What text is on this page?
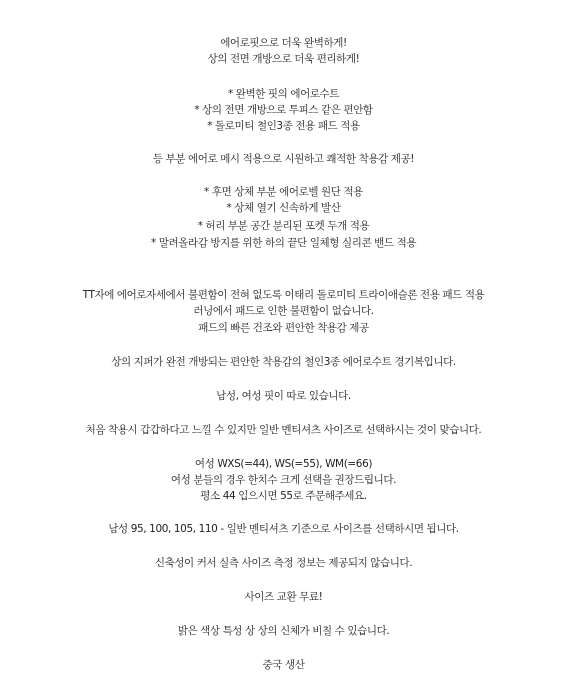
에어로핏으로 더욱 완벽하게!
상의 전면 개방으로 더욱 편리하게!
* 완벽한 핏의 에어로수트
* 상의 전면 개방으로 투피스 같은 편안함
* 돌로미티 철인3종 전용 패드 적용
등 부분 에어로 메시 적용으로 시원하고 쾌적한 착용감 제공!
* 후면 상체 부분 에어로벨 원단 적용
* 상체 열기 신속하게 발산
* 허리 부분 공간 분리된 포켓 두개 적용
* 말려올라감 방지를 위한 하의 끝단 일체형 실리콘 밴드 적용
TT자에 에어로자세에서 불편함이 전혀 없도록 이태리 돌로미티 트라이애슬론 전용 패드 적용
러닝에서 패드로 인한 불편함이 없습니다.
패드의 빠른 건조와 편안한 착용감 제공
상의 지퍼가 완전 개방되는 편안한 착용감의 철인3종 에어로수트 경기복입니다.
남성, 여성 핏이 따로 있습니다.
처음 착용시 갑갑하다고 느낄 수 있지만 일반 멘티셔츠 사이즈로 선택하시는 것이 맞습니다.
여성 WXS(=44), WS(=55), WM(=66)
여성 분들의 경우 한치수 크게 선택을 권장드립니다.
평소 44 입으시면 55로 주문해주세요.
남성 95, 100, 105, 110 - 일반 멘티셔츠 기준으로 사이즈를 선택하시면 됩니다.
신축성이 커서 실측 사이즈 측정 정보는 제공되지 않습니다.
사이즈 교환 무료!
밝은 색상 특성 상 상의 신체가 비칠 수 있습니다.
중국 생산
